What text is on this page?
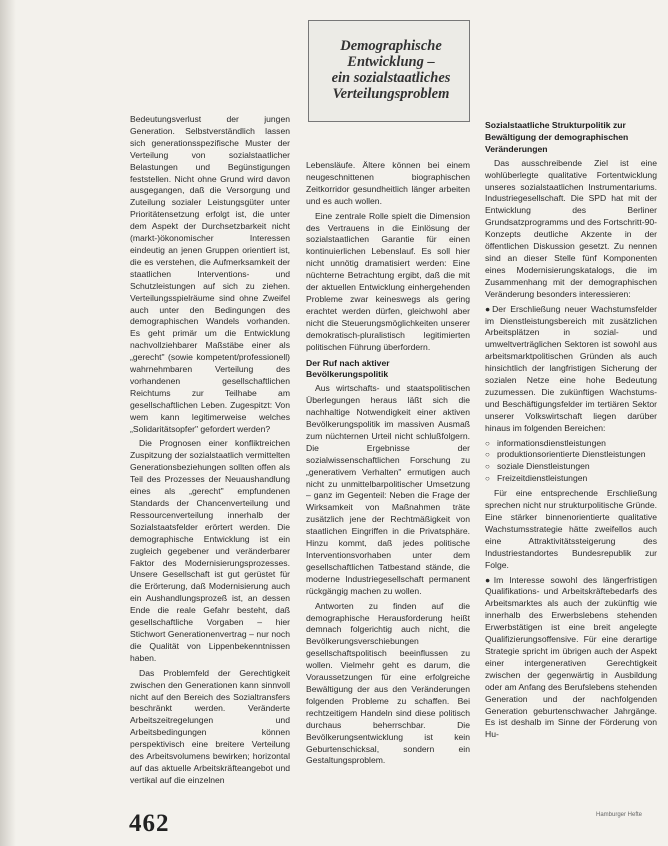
Demographische
Entwicklung –
ein sozialstaatliches
Verteilungsproblem

Bedeutungsverlust der jungen Generation. Selbstverständlich lassen sich generationsspezifische Muster der Verteilung von sozialstaatlicher Belastungen und Begünstigungen feststellen. Nicht ohne Grund wird davon ausgegangen, daß die Versorgung und Zuteilung sozialer Leistungsgüter unter Prioritätensetzung erfolgt ist, die unter dem Aspekt der Durchsetzbarkeit nicht (markt-)ökonomischer Interessen eindeutig an jenen Gruppen orientiert ist, die es verstehen, die Aufmerksamkeit der staatlichen Interventions- und Schutzleistungen auf sich zu ziehen. Verteilungsspielräume sind ohne Zweifel auch unter den Bedingungen des demographischen Wandels vorhanden. Es geht primär um die Entwicklung nachvollziehbarer Maßstäbe einer als „gerecht" (sowie kompetent/professionell) wahrnehmbaren Verteilung des vorhandenen gesellschaftlichen Reichtums zur Teilhabe am gesellschaftlichen Leben. Zugespitzt: Von wem kann legitimerweise welches „Solidaritätsopfer" gefordert werden?

Die Prognosen einer konfliktreichen Zuspitzung der sozialstaatlich vermittelten Generationsbeziehungen sollten offen als Teil des Prozesses der Neuaushandlung eines als „gerecht" empfundenen Standards der Chancenverteilung und Ressourcenverteilung innerhalb der Sozialstaatsfelder erörtert werden. Die demographische Entwicklung ist ein zugleich gegebener und veränderbarer Faktor des Modernisierungsprozesses. Unsere Gesellschaft ist gut gerüstet für die Erörterung, daß Modernisierung auch ein Aushandlungsprozeß ist, an dessen Ende die reale Gefahr besteht, daß gesellschaftliche Vorgaben – hier Stichwort Generationenvertrag – nur noch die Qualität von Lippenbekenntnissen haben.

Das Problemfeld der Gerechtigkeit zwischen den Generationen kann sinnvoll nicht auf den Bereich des Sozialtransfers beschränkt werden. Veränderte Arbeitszeitregelungen und Arbeitsbedingungen können perspektivisch eine breitere Verteilung des Arbeitsvolumens bewirken; horizontal auf das aktuelle Arbeitskräfteangebot und vertikal auf die einzelnen

Lebensläufe. Ältere können bei einem neugeschnittenen biographischen Zeitkorridor gesundheitlich länger arbeiten und es auch wollen.

Eine zentrale Rolle spielt die Dimension des Vertrauens in die Einlösung der sozialstaatlichen Garantie für einen kontinuierlichen Lebenslauf. Es soll hier nicht unnötig dramatisiert werden: Eine nüchterne Betrachtung ergibt, daß die mit der aktuellen Entwicklung einhergehenden Probleme zwar keineswegs als gering erachtet werden dürfen, gleichwohl aber nicht die Steuerungsmöglichkeiten unserer demokratisch-pluralistisch legitimierten politischen Führung überfordern.

Der Ruf nach aktiver Bevölkerungspolitik

Aus wirtschafts- und staatspolitischen Überlegungen heraus läßt sich die nachhaltige Notwendigkeit einer aktiven Bevölkerungspolitik im massiven Ausmaß zum nüchternen Urteil nicht schlußfolgern. Die Ergebnisse der sozialwissenschaftlichen Forschung zu „generativem Verhalten" ermutigen auch nicht zu unmittelbarpolitischer Umsetzung – ganz im Gegenteil: Neben die Frage der Wirksamkeit von Maßnahmen träte zusätzlich jene der Rechtmäßigkeit von staatlichen Eingriffen in die Privatsphäre. Hinzu kommt, daß jedes politische Interventionsvorhaben unter dem gesellschaftlichen Tatbestand stände, die moderne Industriegesellschaft permanent rückgängig machen zu wollen.

Antworten zu finden auf die demographische Herausforderung heißt demnach folgerichtig auch nicht, die Bevölkerungsverschiebungen gesellschaftspolitisch beeinflussen zu wollen. Vielmehr geht es darum, die Voraussetzungen für eine erfolgreiche Bewältigung der aus den Veränderungen folgenden Probleme zu schaffen. Bei rechtzeitigem Handeln sind diese politisch durchaus beherrschbar. Die Bevölkerungsentwicklung ist kein Geburtenschicksal, sondern ein Gestaltungsproblem.

Sozialstaatliche Strukturpolitik zur Bewältigung der demographischen Veränderungen

Das ausschreibende Ziel ist eine wohlüberlegte qualitative Fortentwicklung unseres sozialstaatlichen Instrumentariums. Industriegesellschaft. Die SPD hat mit der Entwicklung des Berliner Grundsatzprogramms und des Fortschritt-90-Konzepts deutliche Akzente in der öffentlichen Diskussion gesetzt. Zu nennen sind an dieser Stelle fünf Komponenten eines Modernisierungskatalogs, die im Zusammenhang mit der demographischen Veränderung besonders interessieren:

● Der Erschließung neuer Wachstumsfelder im Dienstleistungsbereich mit zusätzlichen Arbeitsplätzen in sozial- und umweltverträglichen Sektoren ist sowohl aus arbeitsmarktpolitischen Gründen als auch hinsichtlich der langfristigen Sicherung der sozialen Netze eine hohe Bedeutung zuzumessen. Die zukünftigen Wachstums- und Beschäftigungsfelder im tertiären Sektor unserer Volkswirtschaft liegen darüber hinaus im folgenden Bereichen:

○ informationsdienstleistungen
○ produktionsorientierte Dienstleistungen
○ soziale Dienstleistungen
○ Freizeitdienstleistungen

Für eine entsprechende Erschließung sprechen nicht nur strukturpolitische Gründe. Eine stärker binnenorientierte qualitative Wachstumsstrategie hätte zweifellos auch eine Attraktivitätssteigerung des Industriestandortes Bundesrepublik zur Folge.

● Im Interesse sowohl des längerfristigen Qualifikations- und Arbeitskräftebedarfs des Arbeitsmarktes als auch der zukünftig wie innerhalb des Erwerbslebens stehenden Erwerbstätigen ist eine breit angelegte Qualifizierungsoffensive. Für eine derartige Strategie spricht im übrigen auch der Aspekt einer intergenerativen Gerechtigkeit zwischen der gegenwärtig in Ausbildung oder am Anfang des Berufslebens stehenden Generation und der nachfolgenden Generation geburtenschwacher Jahrgänge. Es ist deshalb im Sinne der Förderung von Hu-

462	Hamburger Hefte
